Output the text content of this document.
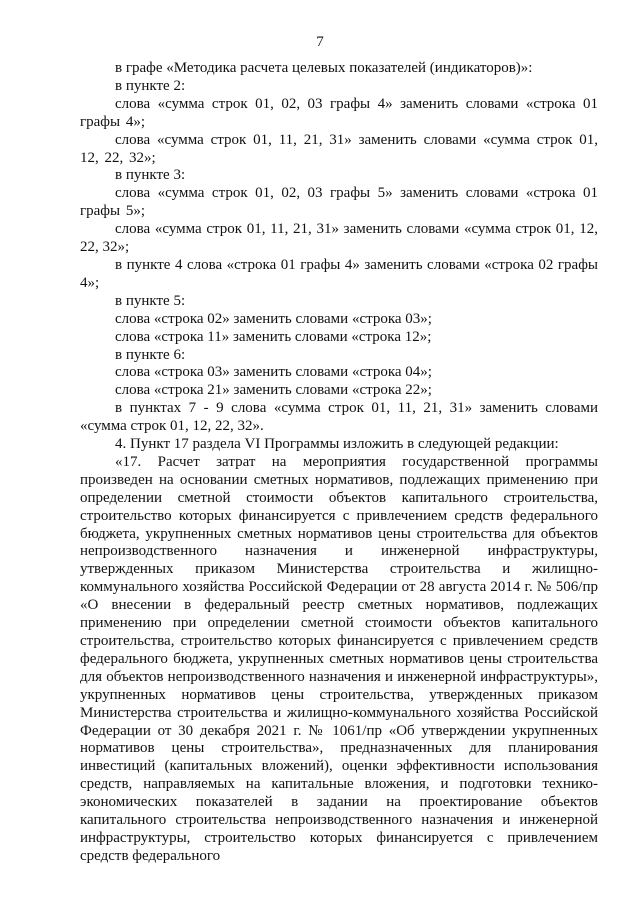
7

в графе «Методика расчета целевых показателей (индикаторов)»:

в пункте 2:

слова «сумма строк 01, 02, 03 графы 4» заменить словами «строка 01 графы 4»;

слова «сумма строк 01, 11, 21, 31» заменить словами «сумма строк 01, 12, 22, 32»;

в пункте 3:

слова «сумма строк 01, 02, 03 графы 5» заменить словами «строка 01 графы 5»;

слова «сумма строк 01, 11, 21, 31» заменить словами «сумма строк 01, 12, 22, 32»;

в пункте 4 слова «строка 01 графы 4» заменить словами «строка 02 графы 4»;

в пункте 5:

слова «строка 02» заменить словами «строка 03»;

слова «строка 11» заменить словами «строка 12»;

в пункте 6:

слова «строка 03» заменить словами «строка 04»;

слова «строка 21» заменить словами «строка 22»;

в пунктах 7 - 9 слова «сумма строк 01, 11, 21, 31» заменить словами «сумма строк 01, 12, 22, 32».

4. Пункт 17 раздела VI Программы изложить в следующей редакции:

«17. Расчет затрат на мероприятия государственной программы произведен на основании сметных нормативов, подлежащих применению при определении сметной стоимости объектов капитального строительства, строительство которых финансируется с привлечением средств федерального бюджета, укрупненных сметных нормативов цены строительства для объектов непроизводственного назначения и инженерной инфраструктуры, утвержденных приказом Министерства строительства и жилищно-коммунального хозяйства Российской Федерации от 28 августа 2014 г. № 506/пр «О внесении в федеральный реестр сметных нормативов, подлежащих применению при определении сметной стоимости объектов капитального строительства, строительство которых финансируется с привлечением средств федерального бюджета, укрупненных сметных нормативов цены строительства для объектов непроизводственного назначения и инженерной инфраструктуры», укрупненных нормативов цены строительства, утвержденных приказом Министерства строительства и жилищно-коммунального хозяйства Российской Федерации от 30 декабря 2021 г. № 1061/пр «Об утверждении укрупненных нормативов цены строительства», предназначенных для планирования инвестиций (капитальных вложений), оценки эффективности использования средств, направляемых на капитальные вложения, и подготовки технико-экономических показателей в задании на проектирование объектов капитального строительства непроизводственного назначения и инженерной инфраструктуры, строительство которых финансируется с привлечением средств федерального
